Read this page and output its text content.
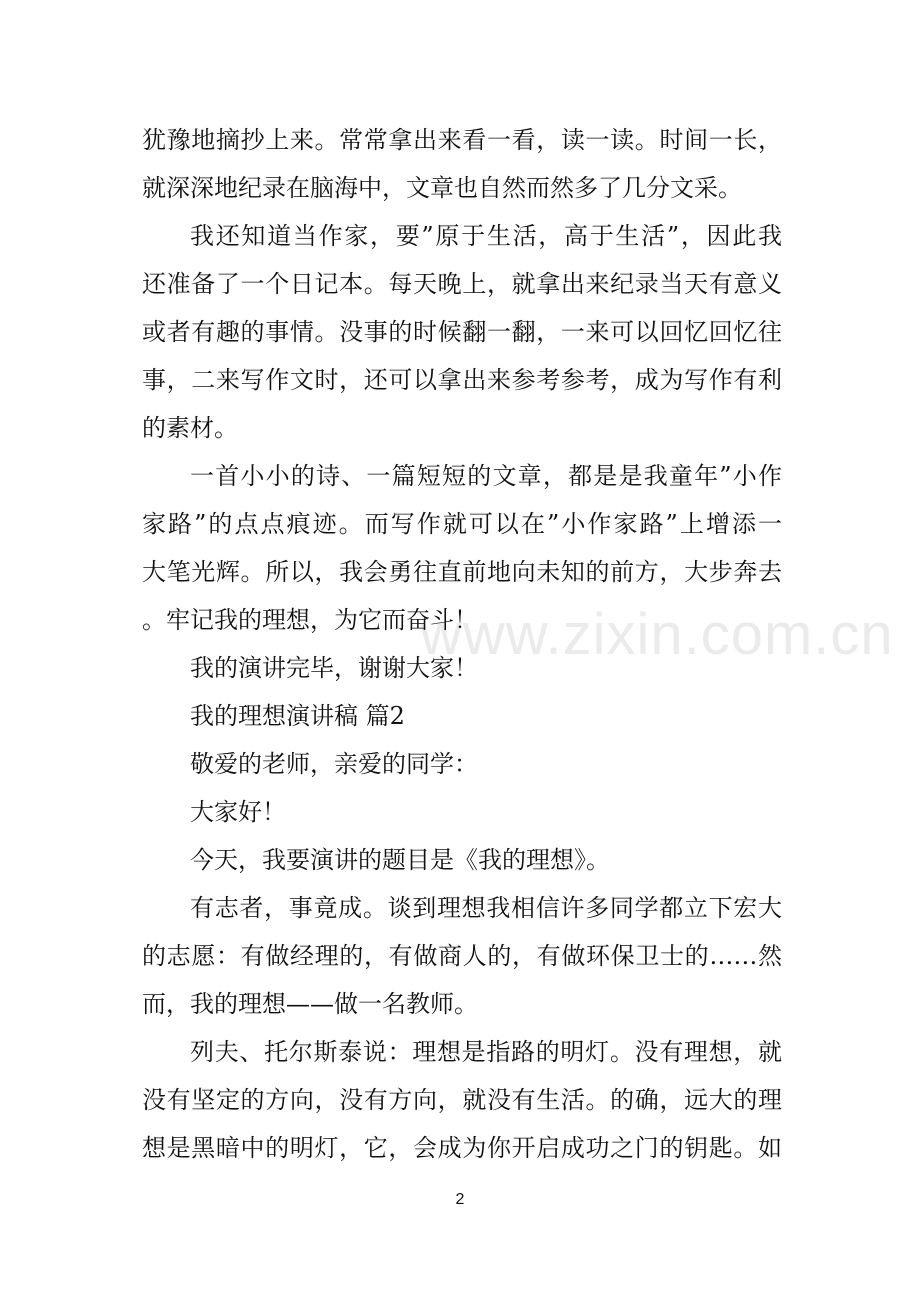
www.zixin.com.cn
犹豫地摘抄上来。常常拿出来看一看，读一读。时间一长，
就深深地纪录在脑海中，文章也自然而然多了几分文采。
我还知道当作家，要”原于生活，高于生活”，因此我
还准备了一个日记本。每天晚上，就拿出来纪录当天有意义
或者有趣的事情。没事的时候翻一翻，一来可以回忆回忆往
事，二来写作文时，还可以拿出来参考参考，成为写作有利
的素材。
一首小小的诗、一篇短短的文章，都是是我童年”小作
家路”的点点痕迹。而写作就可以在”小作家路”上增添一
大笔光辉。所以，我会勇往直前地向未知的前方，大步奔去
。牢记我的理想，为它而奋斗！
我的演讲完毕，谢谢大家！
我的理想演讲稿 篇2
敬爱的老师，亲爱的同学：
大家好！
今天，我要演讲的题目是《我的理想》。
有志者，事竟成。谈到理想我相信许多同学都立下宏大
的志愿：有做经理的，有做商人的，有做环保卫士的……然
而，我的理想——做一名教师。
列夫、托尔斯泰说：理想是指路的明灯。没有理想，就
没有坚定的方向，没有方向，就没有生活。的确，远大的理
想是黑暗中的明灯，它，会成为你开启成功之门的钥匙。如
2
